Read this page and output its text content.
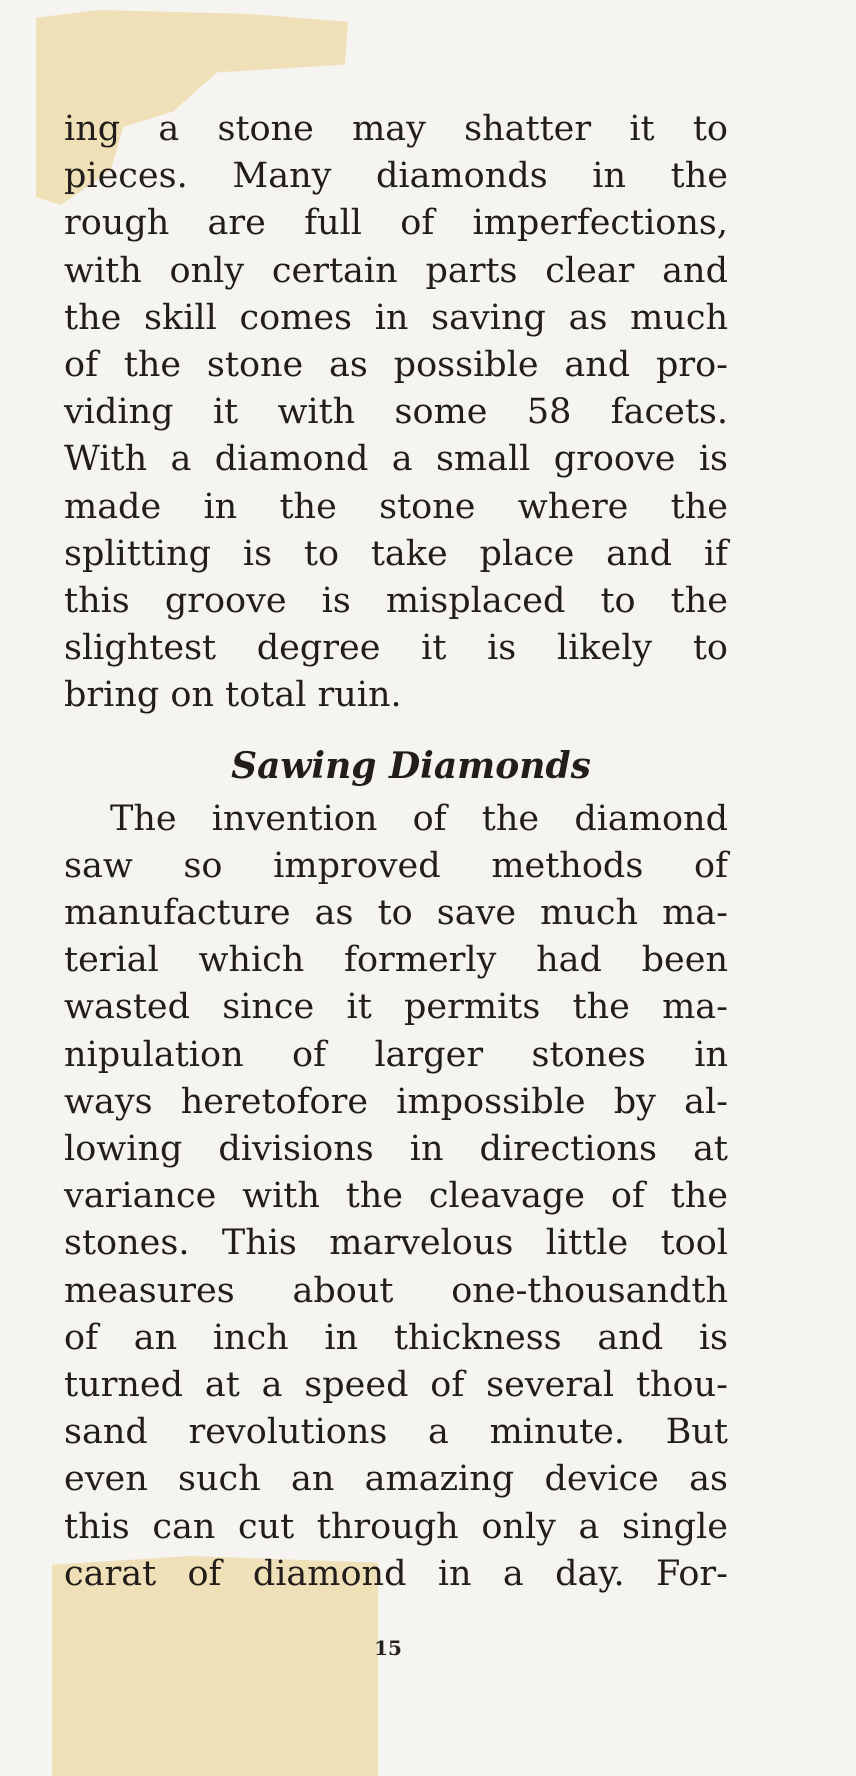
ing a stone may shatter it to
pieces. Many diamonds in the
rough are full of imperfections,
with only certain parts clear and
the skill comes in saving as much
of the stone as possible and pro-
viding it with some 58 facets.
With a diamond a small groove is
made in the stone where the
splitting is to take place and if
this groove is misplaced to the
slightest degree it is likely to
bring on total ruin.
Sawing Diamonds
The invention of the diamond
saw so improved methods of
manufacture as to save much ma-
terial which formerly had been
wasted since it permits the ma-
nipulation of larger stones in
ways heretofore impossible by al-
lowing divisions in directions at
variance with the cleavage of the
stones. This marvelous little tool
measures about one-thousandth
of an inch in thickness and is
turned at a speed of several thou-
sand revolutions a minute. But
even such an amazing device as
this can cut through only a single
carat of diamond in a day. For-
15
